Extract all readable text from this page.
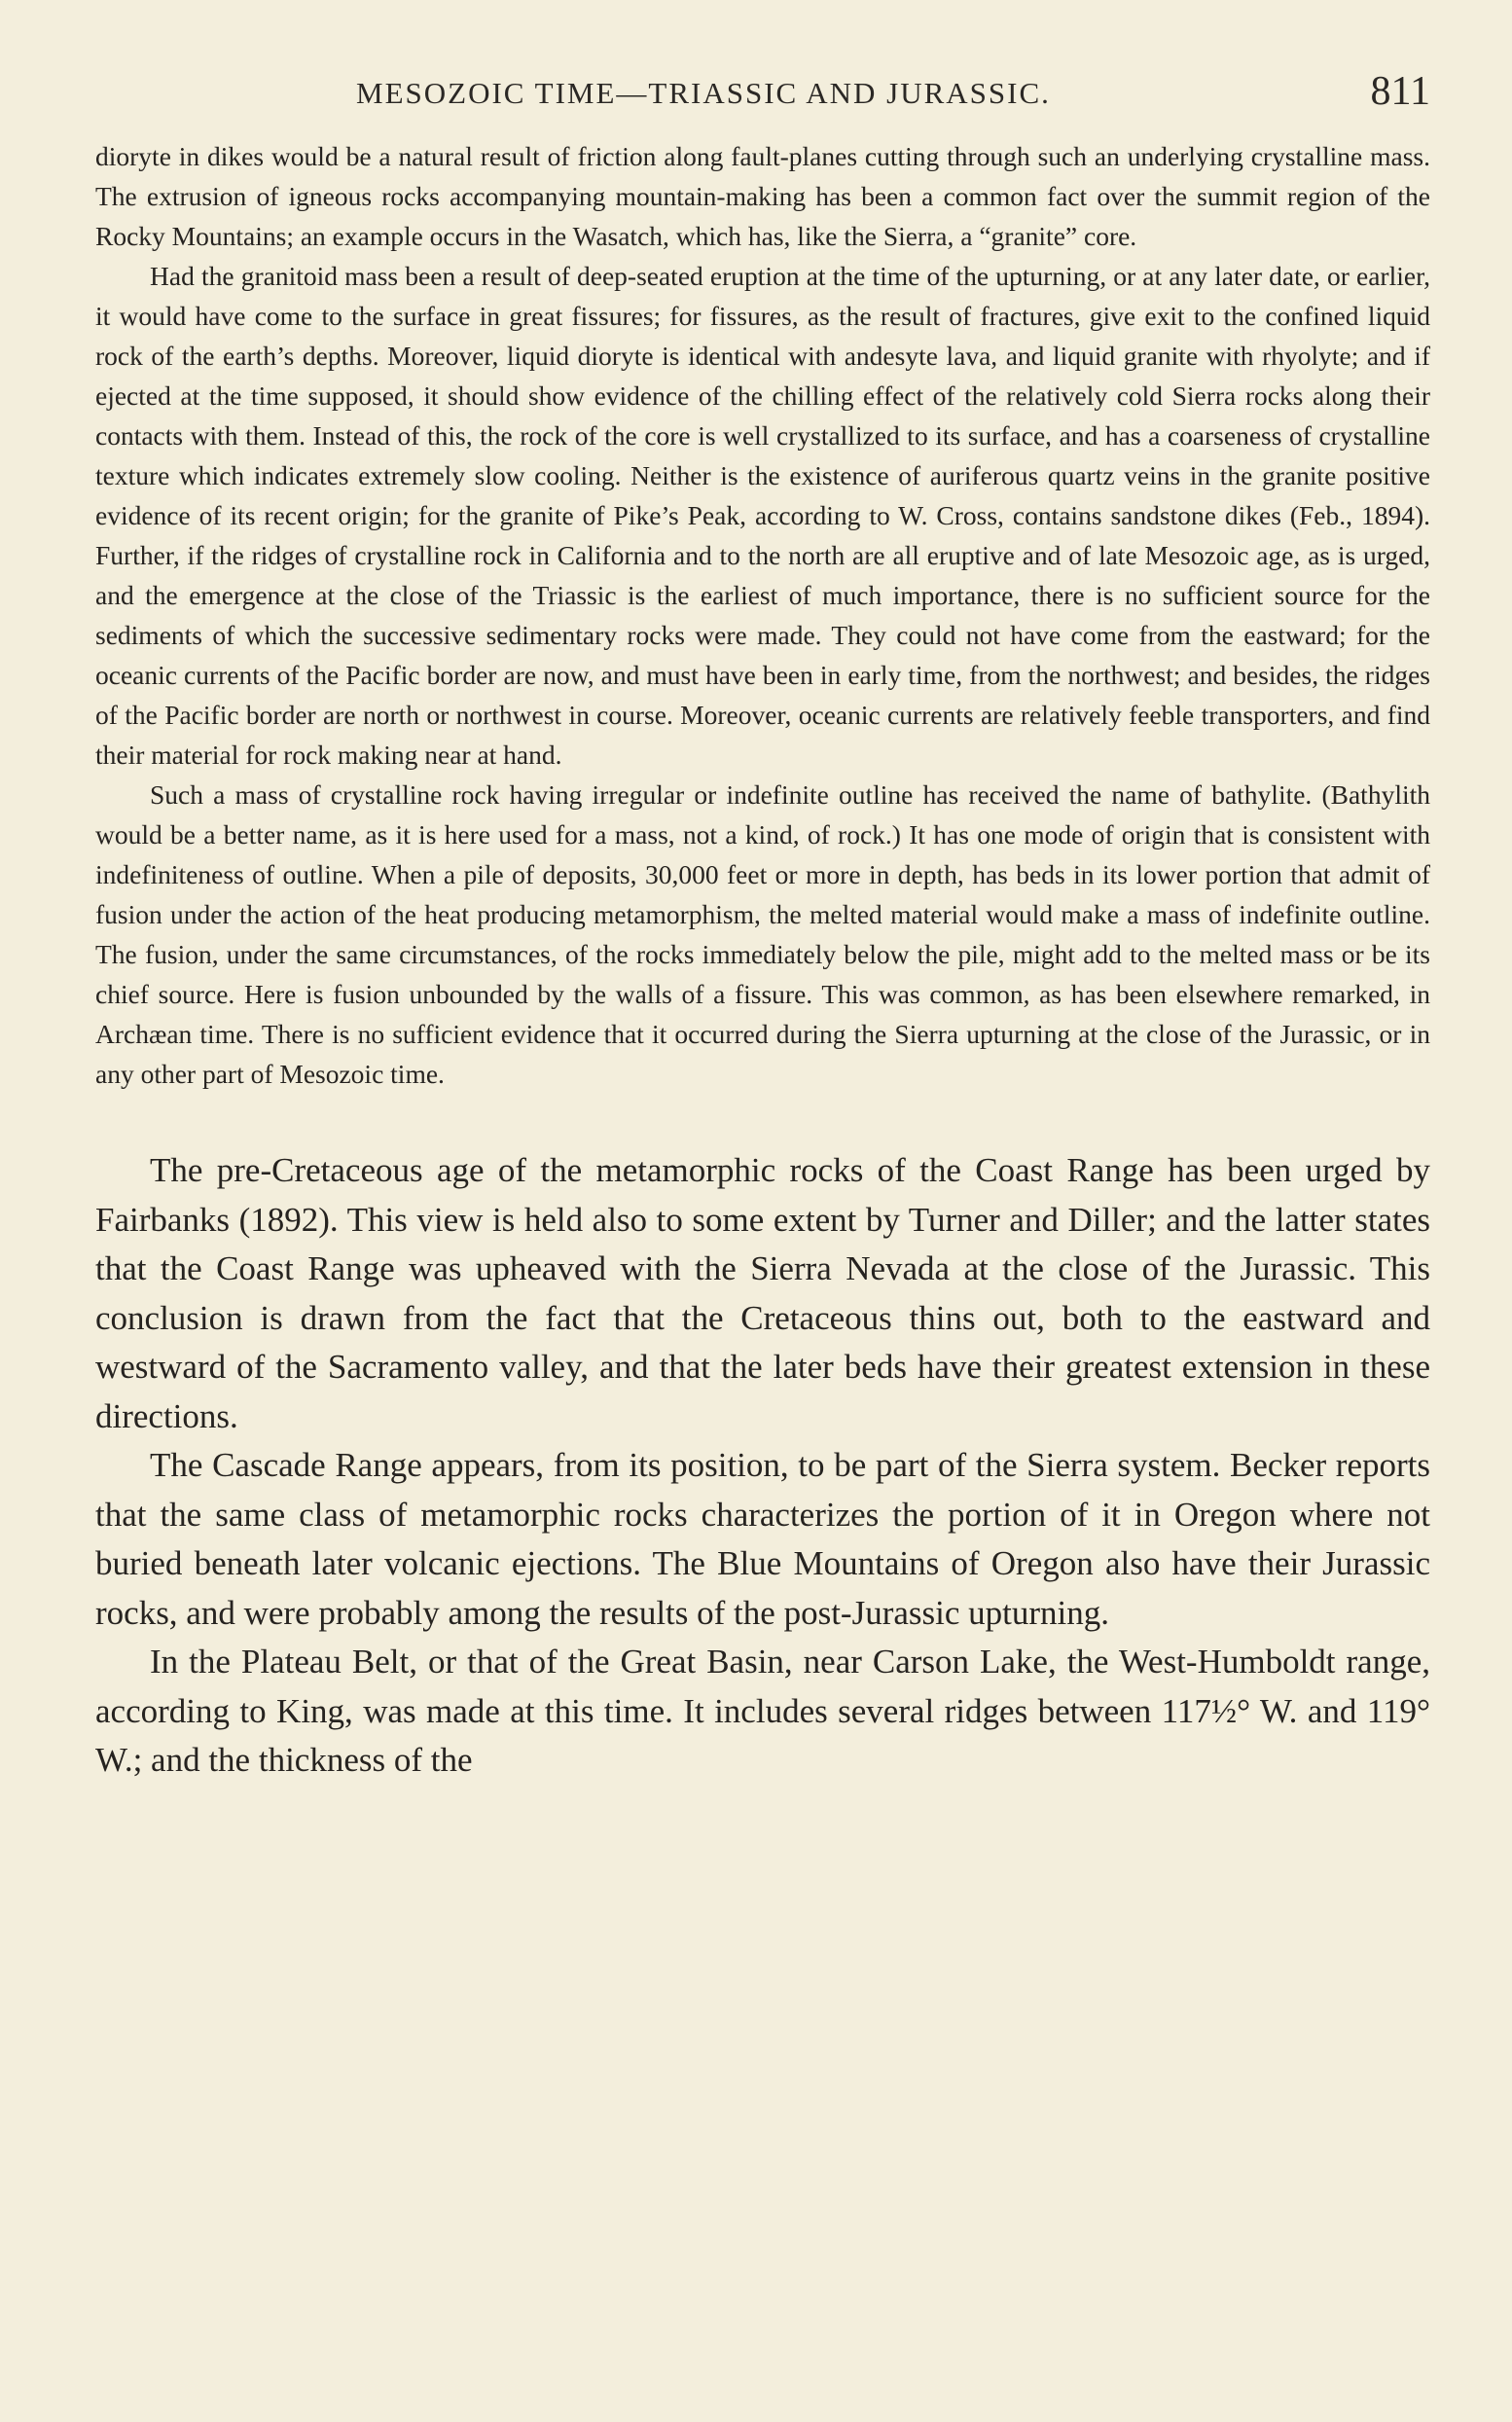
MESOZOIC TIME—TRIASSIC AND JURASSIC.	811

dioryte in dikes would be a natural result of friction along fault-planes cutting through such an underlying crystalline mass. The extrusion of igneous rocks accompanying mountain-making has been a common fact over the summit region of the Rocky Mountains; an example occurs in the Wasatch, which has, like the Sierra, a “granite” core.

Had the granitoid mass been a result of deep-seated eruption at the time of the upturning, or at any later date, or earlier, it would have come to the surface in great fissures; for fissures, as the result of fractures, give exit to the confined liquid rock of the earth’s depths. Moreover, liquid dioryte is identical with andesyte lava, and liquid granite with rhyolyte; and if ejected at the time supposed, it should show evidence of the chilling effect of the relatively cold Sierra rocks along their contacts with them. Instead of this, the rock of the core is well crystallized to its surface, and has a coarseness of crystalline texture which indicates extremely slow cooling. Neither is the existence of auriferous quartz veins in the granite positive evidence of its recent origin; for the granite of Pike’s Peak, according to W. Cross, contains sandstone dikes (Feb., 1894). Further, if the ridges of crystalline rock in California and to the north are all eruptive and of late Mesozoic age, as is urged, and the emergence at the close of the Triassic is the earliest of much importance, there is no sufficient source for the sediments of which the successive sedimentary rocks were made. They could not have come from the eastward; for the oceanic currents of the Pacific border are now, and must have been in early time, from the northwest; and besides, the ridges of the Pacific border are north or northwest in course. Moreover, oceanic currents are relatively feeble transporters, and find their material for rock making near at hand.

Such a mass of crystalline rock having irregular or indefinite outline has received the name of bathylite. (Bathylith would be a better name, as it is here used for a mass, not a kind, of rock.) It has one mode of origin that is consistent with indefiniteness of outline. When a pile of deposits, 30,000 feet or more in depth, has beds in its lower portion that admit of fusion under the action of the heat producing metamorphism, the melted material would make a mass of indefinite outline. The fusion, under the same circumstances, of the rocks immediately below the pile, might add to the melted mass or be its chief source. Here is fusion unbounded by the walls of a fissure. This was common, as has been elsewhere remarked, in Archæan time. There is no sufficient evidence that it occurred during the Sierra upturning at the close of the Jurassic, or in any other part of Mesozoic time.

The pre-Cretaceous age of the metamorphic rocks of the Coast Range has been urged by Fairbanks (1892). This view is held also to some extent by Turner and Diller; and the latter states that the Coast Range was upheaved with the Sierra Nevada at the close of the Jurassic. This conclusion is drawn from the fact that the Cretaceous thins out, both to the eastward and westward of the Sacramento valley, and that the later beds have their greatest extension in these directions.

The Cascade Range appears, from its position, to be part of the Sierra system. Becker reports that the same class of metamorphic rocks characterizes the portion of it in Oregon where not buried beneath later volcanic ejections. The Blue Mountains of Oregon also have their Jurassic rocks, and were probably among the results of the post-Jurassic upturning.

In the Plateau Belt, or that of the Great Basin, near Carson Lake, the West-Humboldt range, according to King, was made at this time. It includes several ridges between 117½° W. and 119° W.; and the thickness of the
